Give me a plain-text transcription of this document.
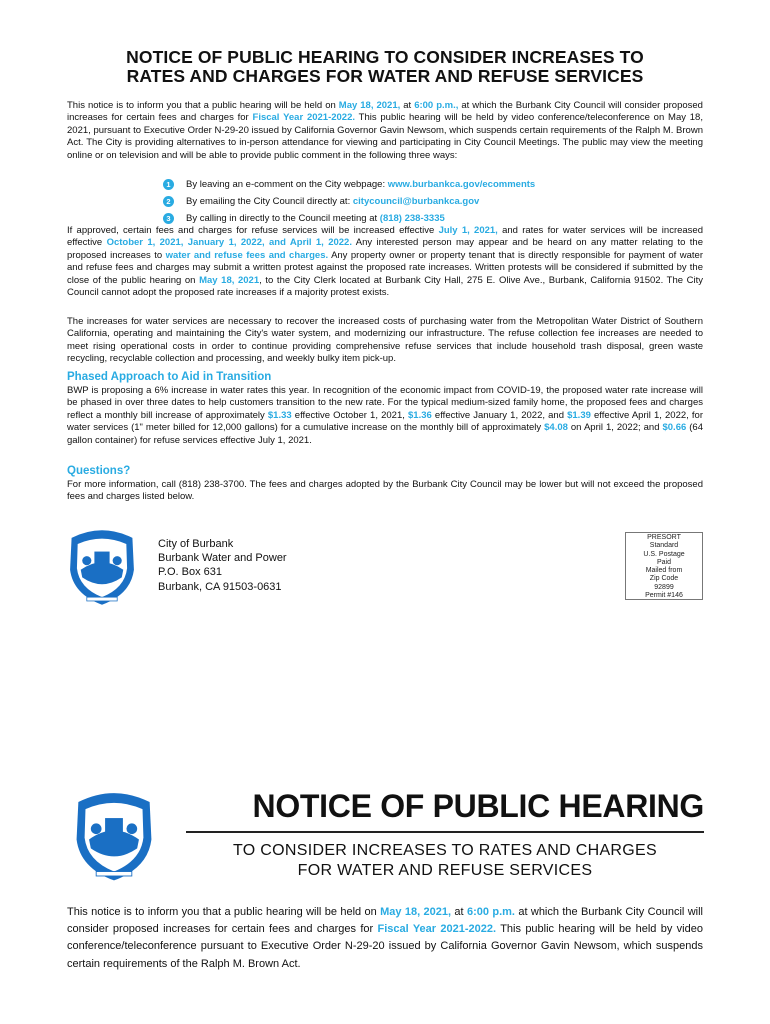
NOTICE OF PUBLIC HEARING TO CONSIDER INCREASES TO
RATES AND CHARGES FOR WATER AND REFUSE SERVICES
This notice is to inform you that a public hearing will be held on May 18, 2021, at 6:00 p.m., at which the Burbank City Council will consider proposed increases for certain fees and charges for Fiscal Year 2021-2022. This public hearing will be held by video conference/teleconference on May 18, 2021, pursuant to Executive Order N-29-20 issued by California Governor Gavin Newsom, which suspends certain requirements of the Ralph M. Brown Act. The City is providing alternatives to in-person attendance for viewing and participating in City Council Meetings. The public may view the meeting online or on television and will be able to provide public comment in the following three ways:
1	By leaving an e-comment on the City webpage:
www.burbankca.gov/ecomments
2	By emailing the City Council directly at:
citycouncil@burbankca.gov
3	By calling in directly to the Council meeting at
(818) 238-3335
If approved, certain fees and charges for refuse services will be increased effective July 1, 2021, and rates for water services will be increased effective October 1, 2021, January 1, 2022, and April 1, 2022. Any interested person may appear and be heard on any matter relating to the proposed increases to water and refuse fees and charges. Any property owner or property tenant that is directly responsible for payment of water and refuse fees and charges may submit a written protest against the proposed rate increases. Written protests will be considered if submitted by the close of the public hearing on May 18, 2021, to the City Clerk located at Burbank City Hall, 275 E. Olive Ave., Burbank, California 91502. The City Council cannot adopt the proposed rate increases if a majority protest exists.
The increases for water services are necessary to recover the increased costs of purchasing water from the Metropolitan Water District of Southern California, operating and maintaining the City's water system, and modernizing our infrastructure. The refuse collection fee increases are needed to meet rising operational costs in order to continue providing comprehensive refuse services that include household trash disposal, green waste recycling, recyclable collection and processing, and weekly bulky item pick-up.
Phased Approach to Aid in Transition
BWP is proposing a 6% increase in water rates this year. In recognition of the economic impact from COVID-19, the proposed water rate increase will be phased in over three dates to help customers transition to the new rate. For the typical medium-sized family home, the proposed fees and charges reflect a monthly bill increase of approximately $1.33 effective October 1, 2021, $1.36 effective January 1, 2022, and $1.39 effective April 1, 2022, for water services (1" meter billed for 12,000 gallons) for a cumulative increase on the monthly bill of approximately $4.08 on April 1, 2022; and $0.66 (64 gallon container) for refuse services effective July 1, 2021.
Questions?
For more information, call (818) 238-3700. The fees and charges adopted by the Burbank City Council may be lower but will not exceed the proposed fees and charges listed below.
City of Burbank
Burbank Water and Power
P.O. Box 631
Burbank, CA 91503-0631
PRESORT
Standard
U.S. Postage
Paid
Mailed from
Zip Code
92899
Permit #146
NOTICE OF PUBLIC HEARING
TO CONSIDER INCREASES TO RATES AND CHARGES
FOR WATER AND REFUSE SERVICES
This notice is to inform you that a public hearing will be held on May 18, 2021, at 6:00 p.m. at which the Burbank City Council will consider proposed increases for certain fees and charges for Fiscal Year 2021-2022. This public hearing will be held by video conference/teleconference pursuant to Executive Order N-29-20 issued by California Governor Gavin Newsom, which suspends certain requirements of the Ralph M. Brown Act.
